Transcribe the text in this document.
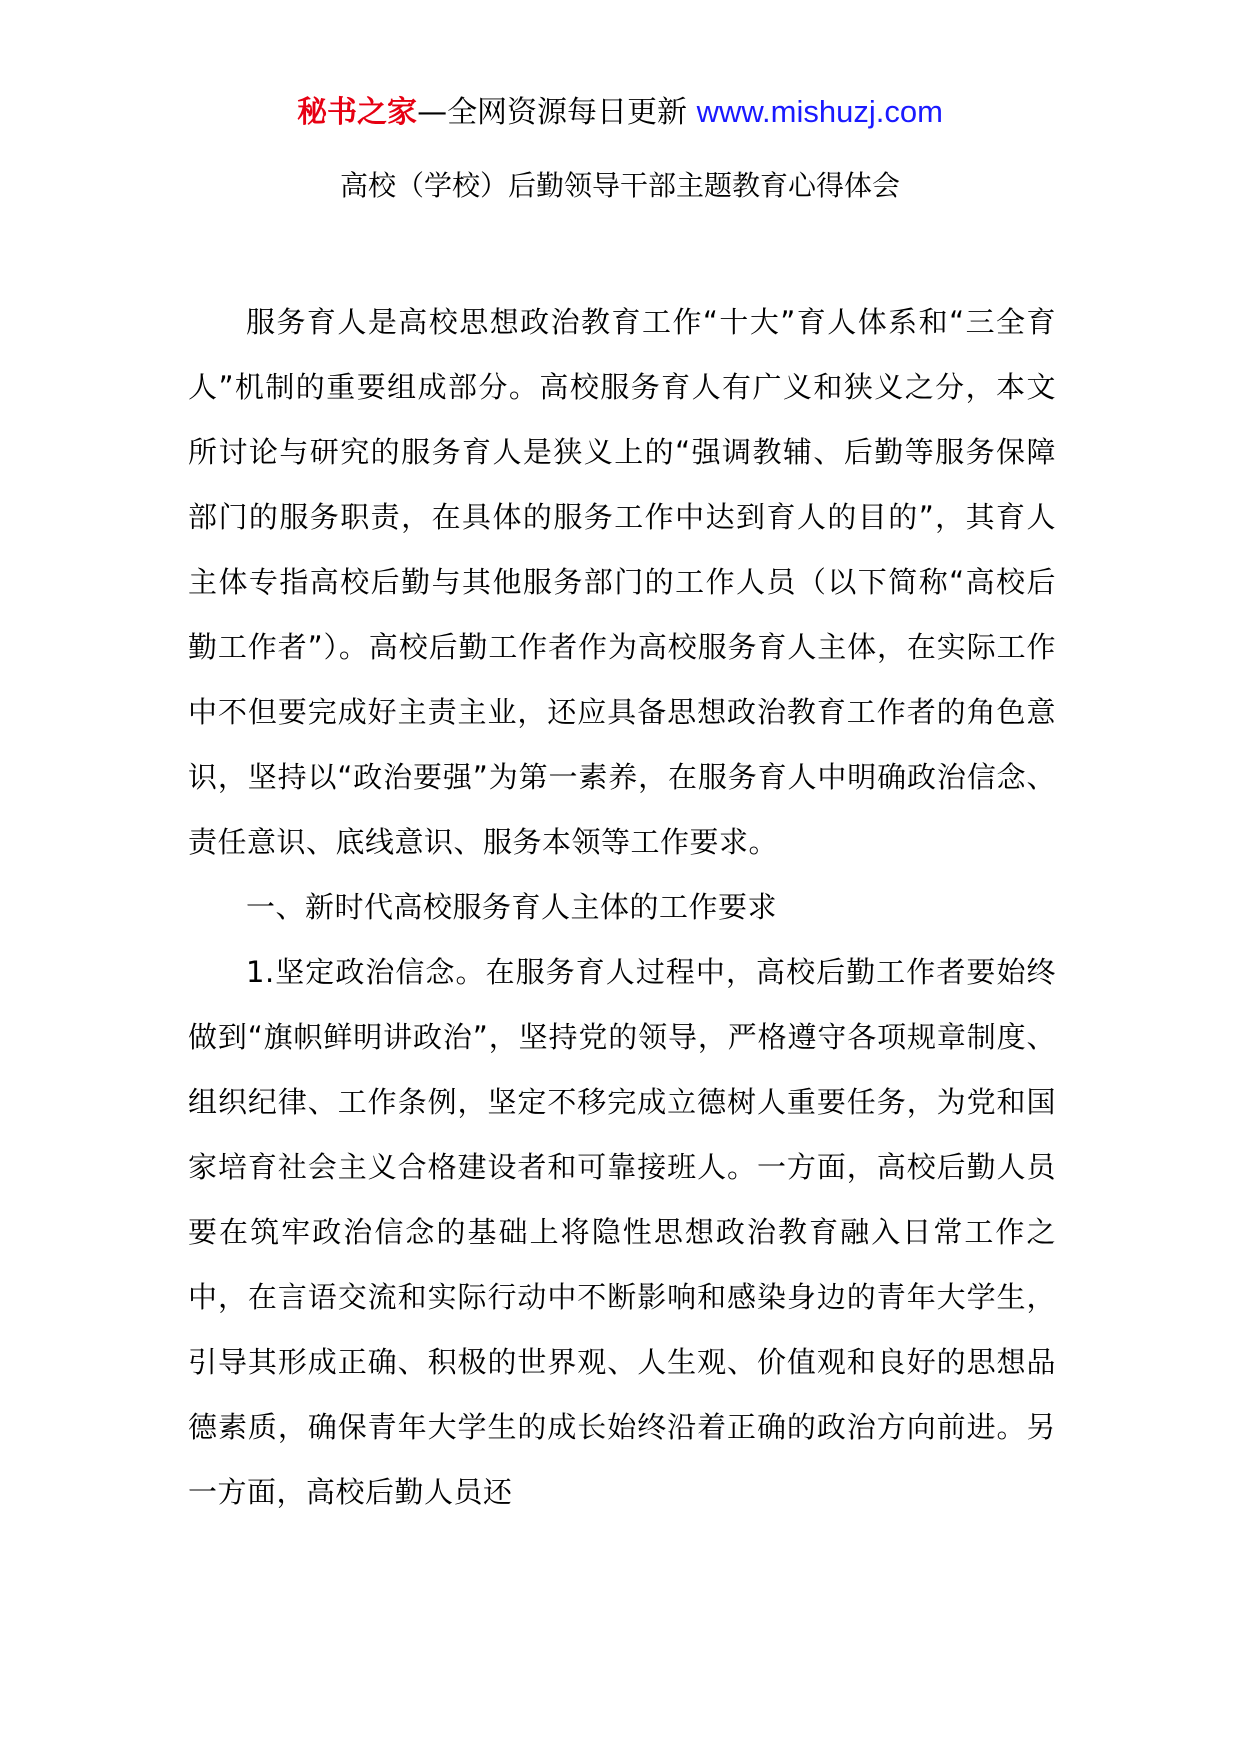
秘书之家—全网资源每日更新 www.mishuzj.com
高校（学校）后勤领导干部主题教育心得体会

服务育人是高校思想政治教育工作“十大”育人体系和“三全育人”机制的重要组成部分。高校服务育人有广义和狭义之分，本文所讨论与研究的服务育人是狭义上的“强调教辅、后勤等服务保障部门的服务职责，在具体的服务工作中达到育人的目的”，其育人主体专指高校后勤与其他服务部门的工作人员（以下简称“高校后勤工作者”）。高校后勤工作者作为高校服务育人主体，在实际工作中不但要完成好主责主业，还应具备思想政治教育工作者的角色意识，坚持以“政治要强”为第一素养，在服务育人中明确政治信念、责任意识、底线意识、服务本领等工作要求。

一、新时代高校服务育人主体的工作要求

1.坚定政治信念。在服务育人过程中，高校后勤工作者要始终做到“旗帜鲜明讲政治”，坚持党的领导，严格遵守各项规章制度、组织纪律、工作条例，坚定不移完成立德树人重要任务，为党和国家培育社会主义合格建设者和可靠接班人。一方面，高校后勤人员要在筑牢政治信念的基础上将隐性思想政治教育融入日常工作之中，在言语交流和实际行动中不断影响和感染身边的青年大学生，引导其形成正确、积极的世界观、人生观、价值观和良好的思想品德素质，确保青年大学生的成长始终沿着正确的政治方向前进。另一方面，高校后勤人员还
